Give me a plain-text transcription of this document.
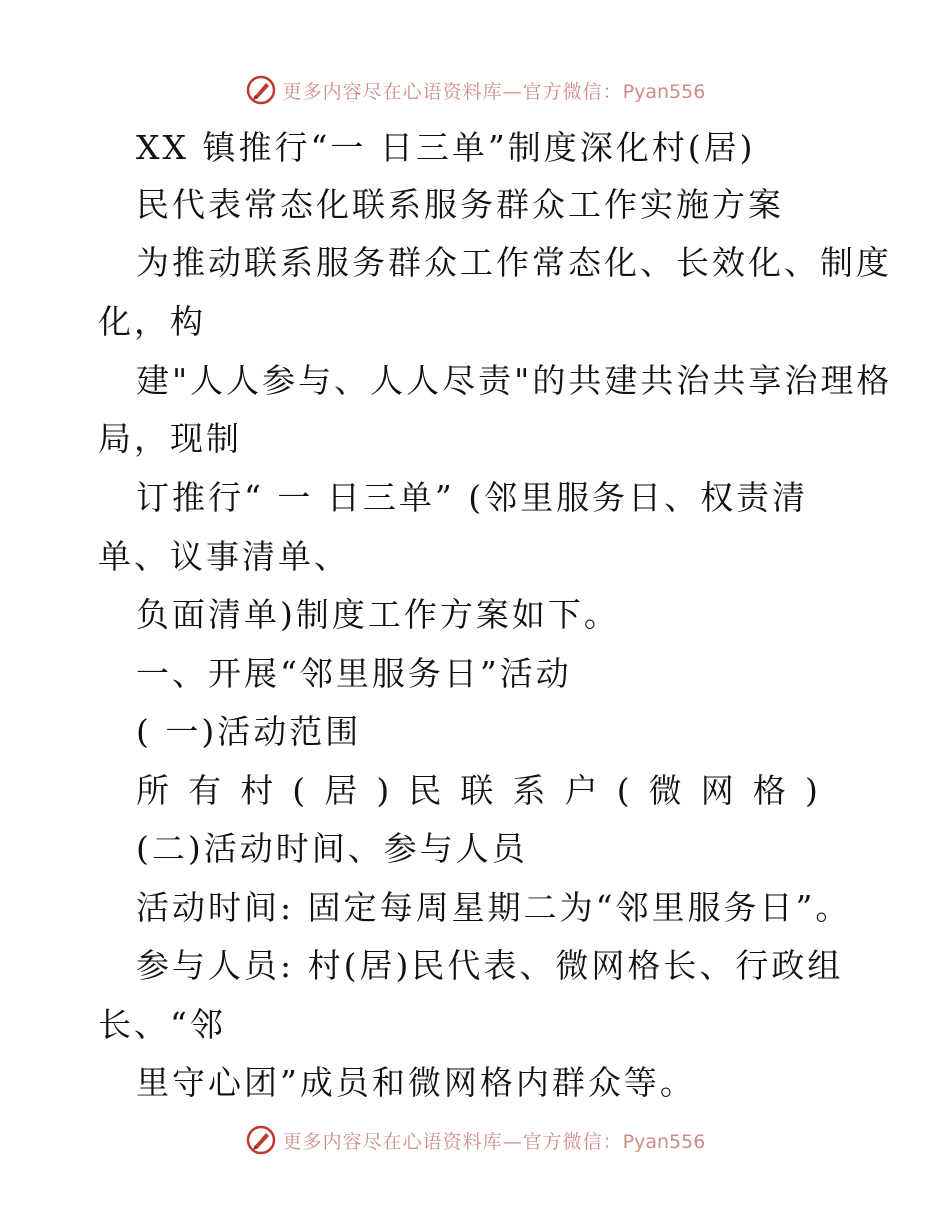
更多内容尽在心语资料库—官方微信：Pyan556
XX 镇推行“一 日三单”制度深化村(居)
民代表常态化联系服务群众工作实施方案
为推动联系服务群众工作常态化、长效化、制度
化，构
建"人人参与、人人尽责"的共建共治共享治理格
局，现制
订推行“ 一 日三单” (邻里服务日、权责清
单、议事清单、
负面清单)制度工作方案如下。
一、开展“邻里服务日”活动
( 一)活动范围
所 有 村 ( 居 ) 民 联 系 户 ( 微 网 格 )
(二)活动时间、参与人员
活动时间: 固定每周星期二为“邻里服务日”。
参与人员: 村(居)民代表、微网格长、行政组
长、“邻
里守心团”成员和微网格内群众等。
更多内容尽在心语资料库—官方微信：Pyan556
